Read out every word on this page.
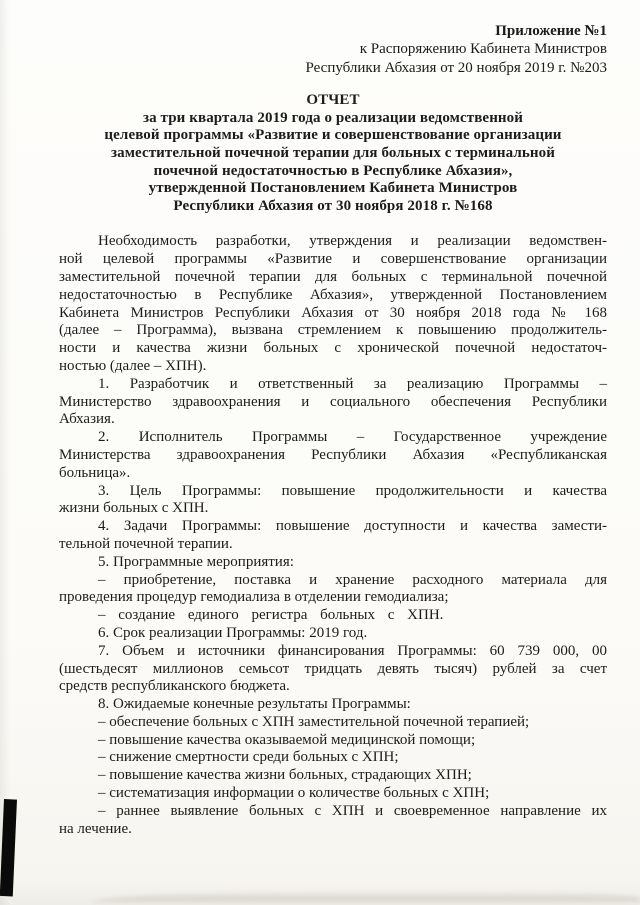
Приложение №1
к Распоряжению Кабинета Министров
Республики Абхазия от 20 ноября 2019 г. №203
ОТЧЕТ
за три квартала 2019 года о реализации ведомственной
целевой программы «Развитие и совершенствование организации
заместительной почечной терапии для больных с терминальной
почечной недостаточностью в Республике Абхазия»,
утвержденной Постановлением Кабинета Министров
Республики Абхазия от 30 ноября 2018 г. №168
Необходимость разработки, утверждения и реализации ведомствен-
ной целевой программы «Развитие и совершенствование организации
заместительной почечной терапии для больных с терминальной почечной
недостаточностью в Республике Абхазия», утвержденной Постановлением
Кабинета Министров Республики Абхазия от 30 ноября 2018 года № 168
(далее – Программа), вызвана стремлением к повышению продолжитель-
ности и качества жизни больных с хронической почечной недостаточ-
ностью (далее – ХПН).
1. Разработчик и ответственный за реализацию Программы –
Министерство здравоохранения и социального обеспечения Республики
Абхазия.
2. Исполнитель Программы – Государственное учреждение
Министерства здравоохранения Республики Абхазия «Республиканская
больница».
3. Цель Программы: повышение продолжительности и качества
жизни больных с ХПН.
4. Задачи Программы: повышение доступности и качества замести-
тельной почечной терапии.
5. Программные мероприятия:
– приобретение, поставка и хранение расходного материала для
проведения процедур гемодиализа в отделении гемодиализа;
– создание единого регистра больных с ХПН.
6. Срок реализации Программы: 2019 год.
7. Объем и источники финансирования Программы: 60 739 000, 00
(шестьдесят миллионов семьсот тридцать девять тысяч) рублей за счет
средств республиканского бюджета.
8. Ожидаемые конечные результаты Программы:
– обеспечение больных с ХПН заместительной почечной терапией;
– повышение качества оказываемой медицинской помощи;
– снижение смертности среди больных с ХПН;
– повышение качества жизни больных, страдающих ХПН;
– систематизация информации о количестве больных с ХПН;
– раннее выявление больных с ХПН и своевременное направление их
на лечение.
